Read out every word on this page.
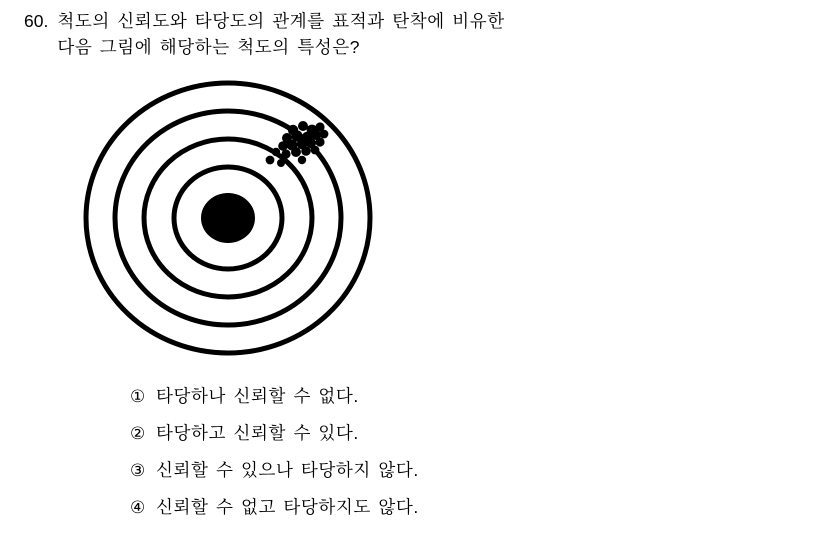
60. 척도의 신뢰도와 타당도의 관계를 표적과 탄착에 비유한
다음 그림에 해당하는 척도의 특성은?
① 타당하나 신뢰할 수 없다.
② 타당하고 신뢰할 수 있다.
③ 신뢰할 수 있으나 타당하지 않다.
④ 신뢰할 수 없고 타당하지도 않다.
